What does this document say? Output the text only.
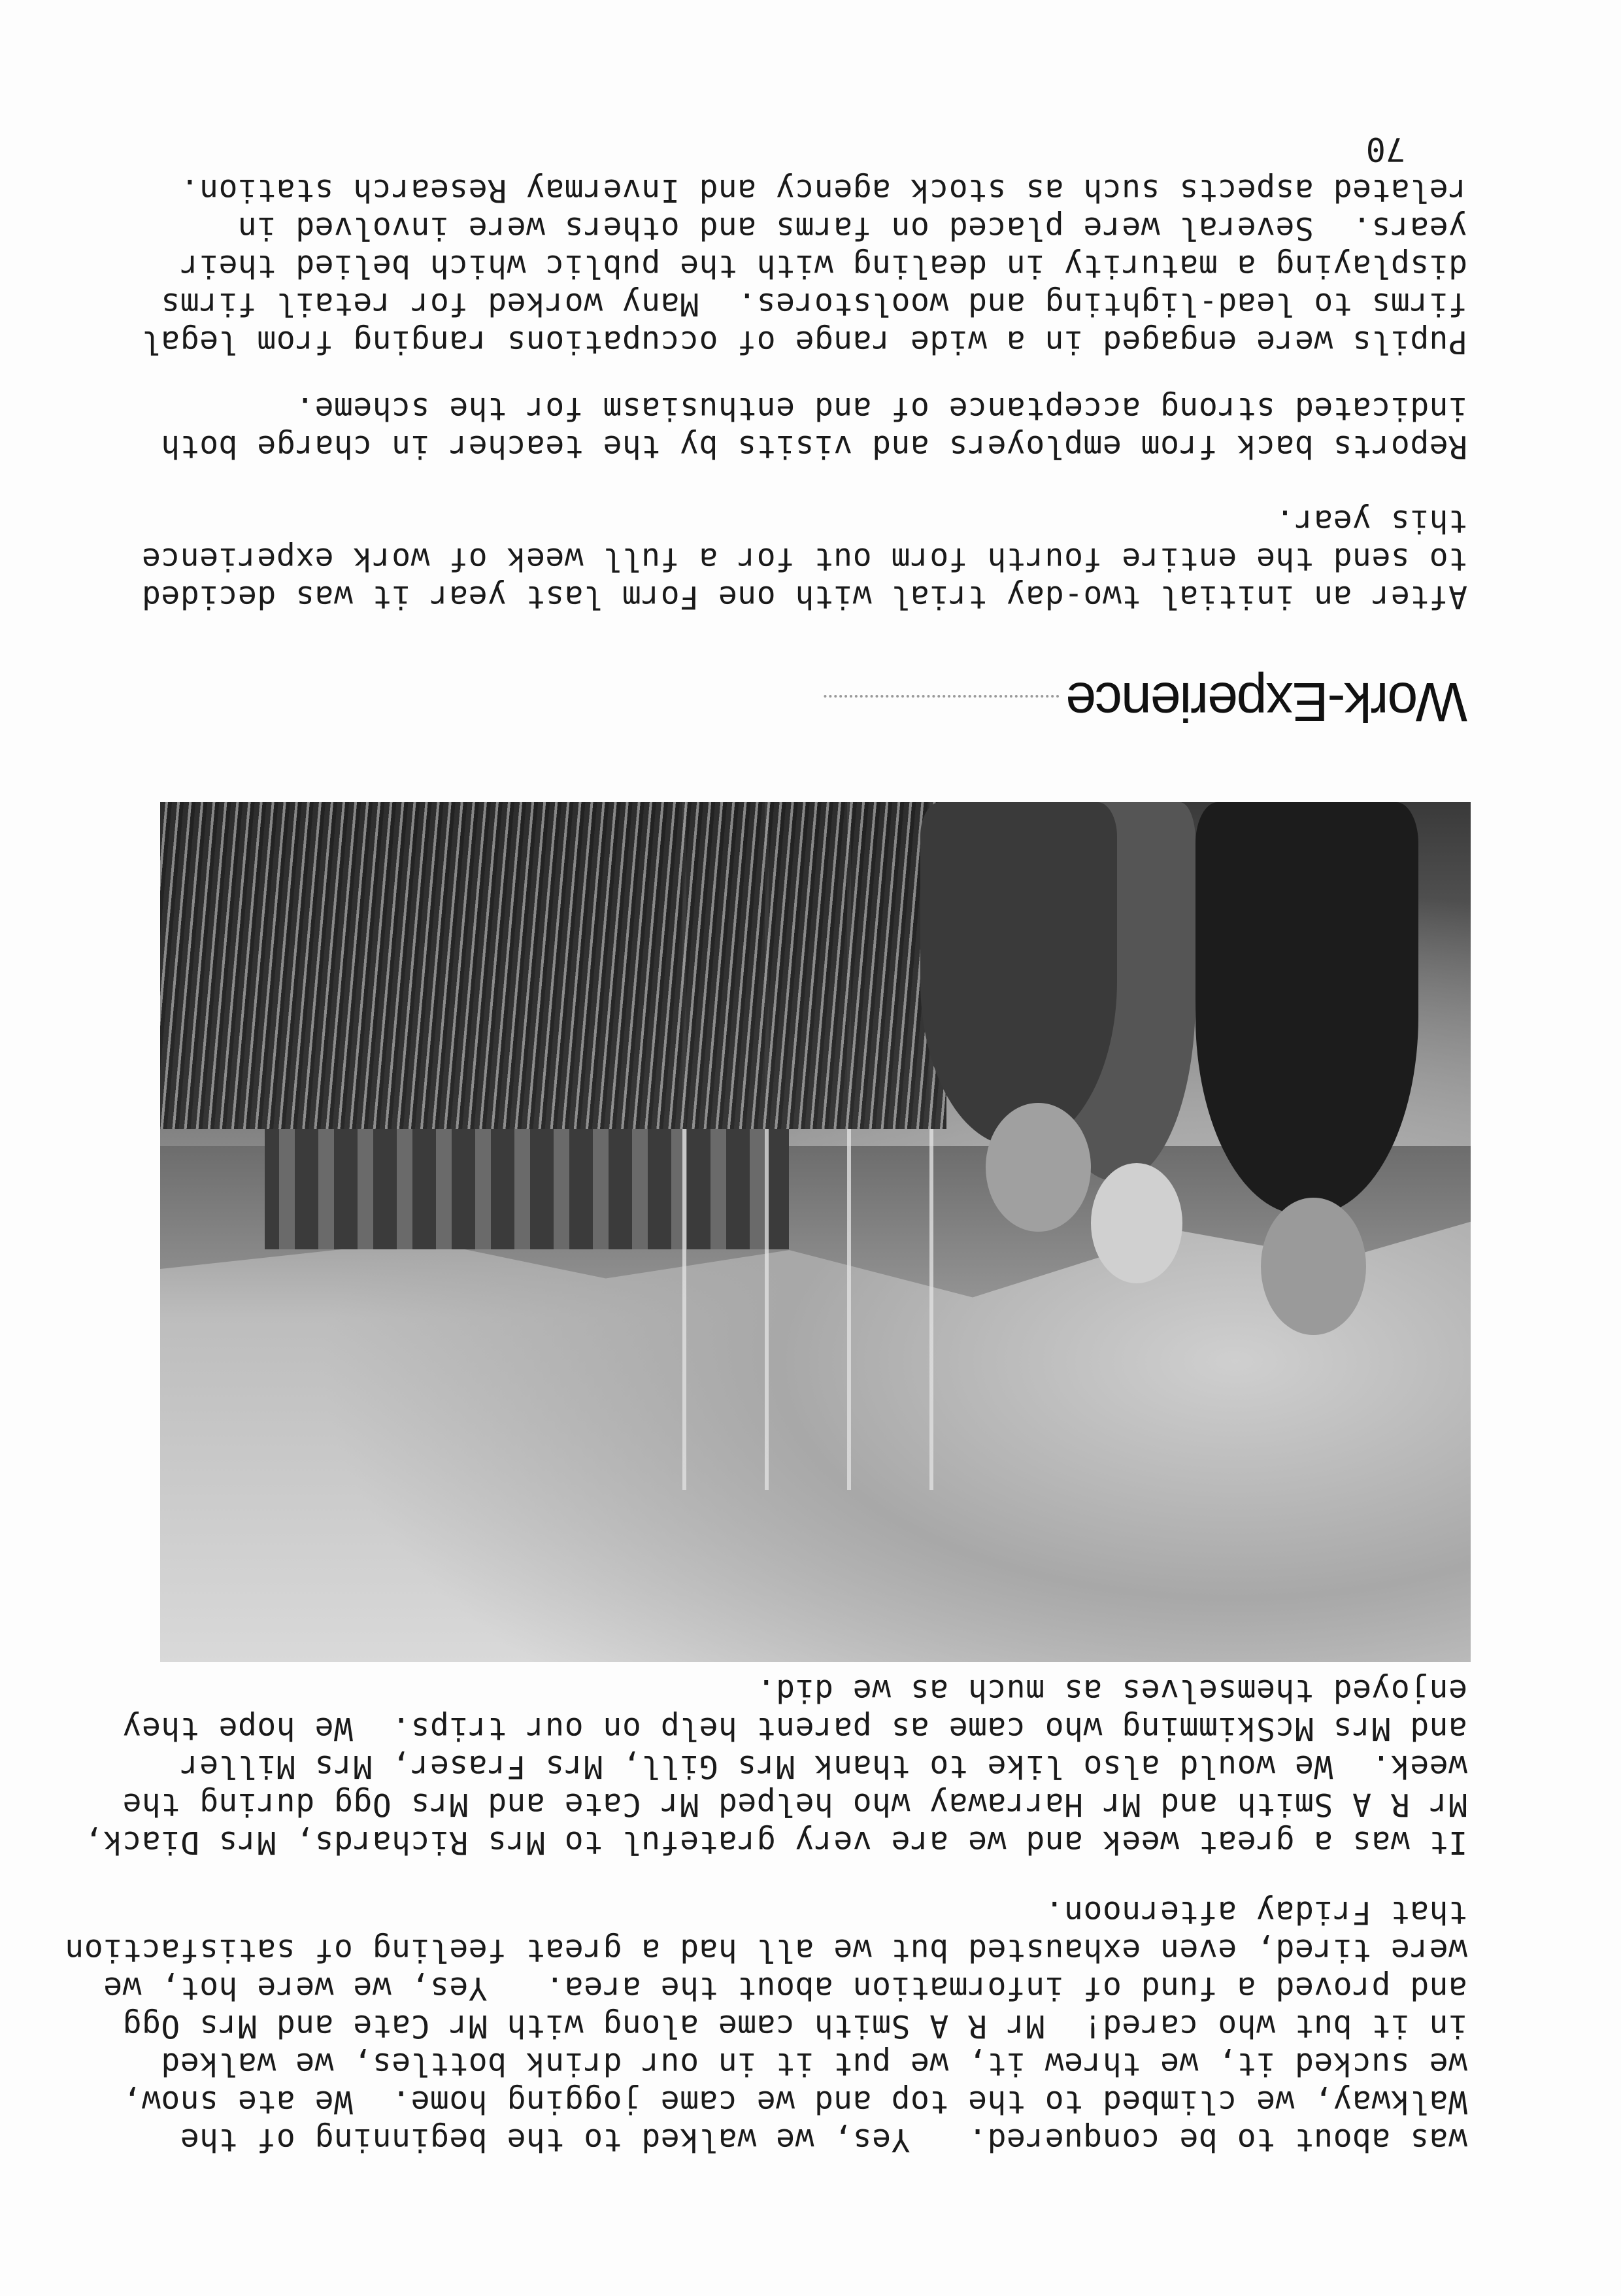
was about to be conquered.   Yes, we walked to the beginning of the
Walkway, we climbed to the top and we came jogging home.  We ate snow,
we sucked it, we threw it, we put it in our drink bottles, we walked
in it but who cared!  Mr R A Smith came along with Mr Cate and Mrs Ogg
and proved a fund of information about the area.   Yes, we were hot, we
were tired, even exhausted but we all had a great feeling of satisfaction
that Friday afternoon.
It was a great week and we are very grateful to Mrs Richards, Mrs Diack,
Mr R A Smith and Mr Harraway who helped Mr Cate and Mrs Ogg during the
week.  We would also like to thank Mrs Gill, Mrs Fraser, Mrs Miller
and Mrs McSkimming who came as parent help on our trips.  We hope they
enjoyed themselves as much as we did.
Work-Experience
After an initial two-day trial with one Form last year it was decided
to send the entire fourth form out for a full week of work experience
this year.
Reports back from employers and visits by the teacher in charge both
indicated strong acceptance of and enthusiasm for the scheme.
Pupils were engaged in a wide range of occupations ranging from legal
firms to lead-lighting and woolstores.  Many worked for retail firms
displaying a maturity in dealing with the public which belied their
years.  Several were placed on farms and others were involved in
related aspects such as stock agency and Invermay Research station.
70
